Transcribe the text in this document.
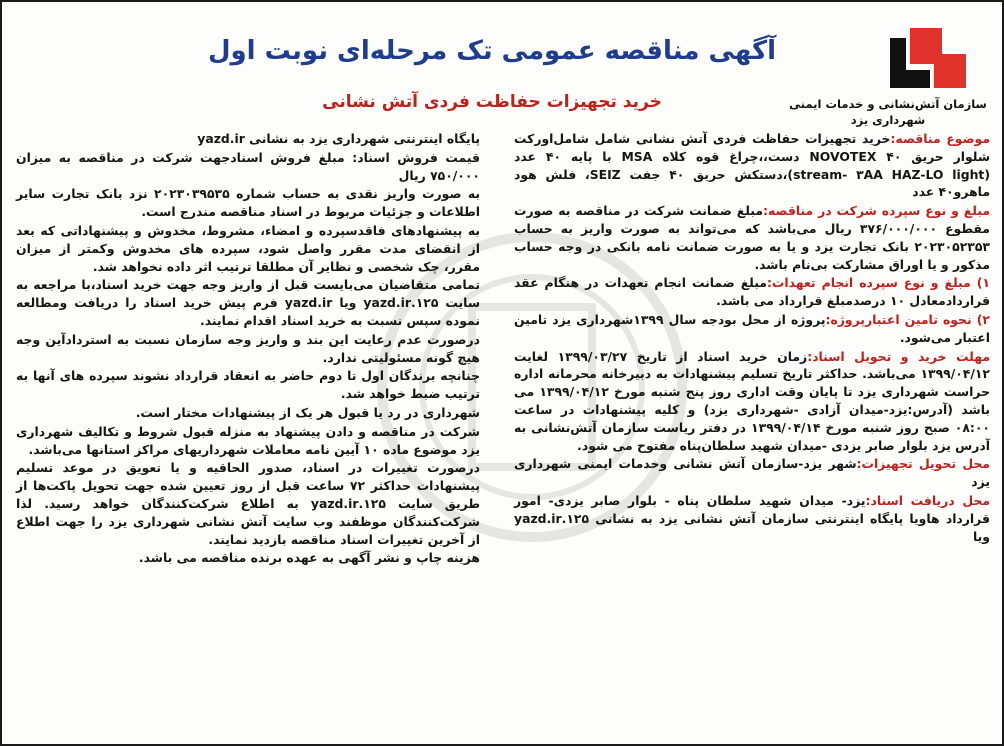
سازمان آتش‌نشانی و خدمات ایمنی
شهرداری یزد
آگهی مناقصه عمومی تک مرحله‌ای نوبت اول
خرید تجهیزات حفاظت فردی آتش نشانی

موضوع مناقصه:خرید تجهیزات حفاظت فردی آتش نشانی شامل شامل‌اورکت شلوار حریق NOVOTEX ۴۰ دست،،چراغ قوه کلاه MSA با پایه ۴۰ عدد (stream- ۳AA HAZ-LO light)،دستکش حریق ۴۰ جفت SEIZ، فلش هود ماهرو۴۰ عدد

مبلغ و نوع سپرده شرکت در مناقصه:مبلغ ضمانت شرکت در مناقصه به صورت مقطوع ۳۷۶/۰۰۰/۰۰۰ ریال می‌باشد که می‌تواند به صورت واریز به حساب ۲۰۲۳۰۵۲۳۵۳ بانک تجارت یزد و یا به صورت ضمانت نامه بانکی در وجه حساب مذکور و یا اوراق مشارکت بی‌نام باشد.

۱) مبلغ و نوع سپرده انجام تعهدات:مبلغ ضمانت انجام تعهدات در هنگام عقد قراردادمعادل ۱۰ درصدمبلغ قرارداد می باشد.

۲) نحوه تامین اعتبارپروژه:پروژه از محل بودجه سال ۱۳۹۹شهرداری یزد تامین اعتبار می‌شود.

مهلت خرید و تحویل اسناد:زمان خرید اسناد از تاریخ ۱۳۹۹/۰۳/۲۷ لغایت ۱۳۹۹/۰۴/۱۲ می‌باشد. حداکثر تاریخ تسلیم پیشنهادات به دبیرخانه محرمانه اداره حراست شهرداری یزد تا پایان وقت اداری روز پنج شنبه مورخ ۱۳۹۹/۰۴/۱۲ می باشد (آدرس:یزد-میدان آزادی -شهرداری یزد) و کلیه پیشنهادات در ساعت ۰۸:۰۰ صبح روز شنبه مورخ ۱۳۹۹/۰۴/۱۴ در دفتر ریاست سازمان آتش‌نشانی به آدرس یزد بلوار صابر یزدی -میدان شهید سلطان‌پناه مفتوح می شود.

محل تحویل تجهیزات:شهر یزد-سازمان آتش نشانی وخدمات ایمنی شهرداری یزد

محل دریافت اسناد:یزد- میدان شهید سلطان پناه - بلوار صابر یزدی- امور قرارداد هاویا پایگاه اینترنتی سازمان آتش نشانی یزد به نشانی ۱۲۵.yazd.ir ویا

پایگاه اینترنتی شهرداری یزد به نشانی yazd.ir

قیمت فروش اسناد: مبلغ فروش اسنادجهت شرکت در مناقصه به میزان ۷۵۰/۰۰۰ ریال

به صورت واریز نقدی به حساب شماره ۲۰۲۳۰۳۹۵۳۵ نزد بانک تجارت سایر اطلاعات و جزئیات مربوط در اسناد مناقصه مندرج است.

به پیشنهادهای فاقدسپرده و امضاء، مشروط، مخدوش و پیشنهاداتی که بعد از انقضای مدت مقرر واصل شود، سپرده های مخدوش وکمتر از میزان مقرر، چک شخصی و نظایر آن مطلقا ترتیب اثر داده نخواهد شد.

تمامی متقاضیان می‌بایست قبل از واریز وجه جهت خرید اسناد،با مراجعه به سایت ۱۲۵.yazd.ir ویا yazd.ir فرم پیش خرید اسناد را دریافت ومطالعه نموده سپس نسبت به خرید اسناد اقدام نمایند.

درصورت عدم رعایت این بند و واریز وجه سازمان نسبت به استردادآین وجه هیچ گونه مسئولیتی ندارد.

چنانچه برندگان اول تا دوم حاضر به انعقاد قرارداد نشوند سپرده های آنها به ترتیب ضبط خواهد شد.

شهرداری در رد یا قبول هر یک از پیشنهادات مختار است.

شرکت در مناقصه و دادن پیشنهاد به منزله قبول شروط و تکالیف شهرداری یزد موضوع ماده ۱۰ آیین نامه معاملات شهرداریهای مراکز استانها می‌باشد.

درصورت تغییرات در اسناد، صدور الحاقیه و یا تعویق در موعد تسلیم پیشنهادات حداکثر ۷۲ ساعت قبل از روز تعیین شده جهت تحویل پاکت‌ها از طریق سایت ۱۲۵.yazd.ir به اطلاع شرکت‌کنندگان خواهد رسید. لذا شرکت‌کنندگان موظفند وب سایت آتش نشانی شهرداری یزد را جهت اطلاع از آخرین تغییرات اسناد مناقصه بازدید نمایند.

هزینه چاپ و نشر آگهی به عهده برنده مناقصه می باشد.
